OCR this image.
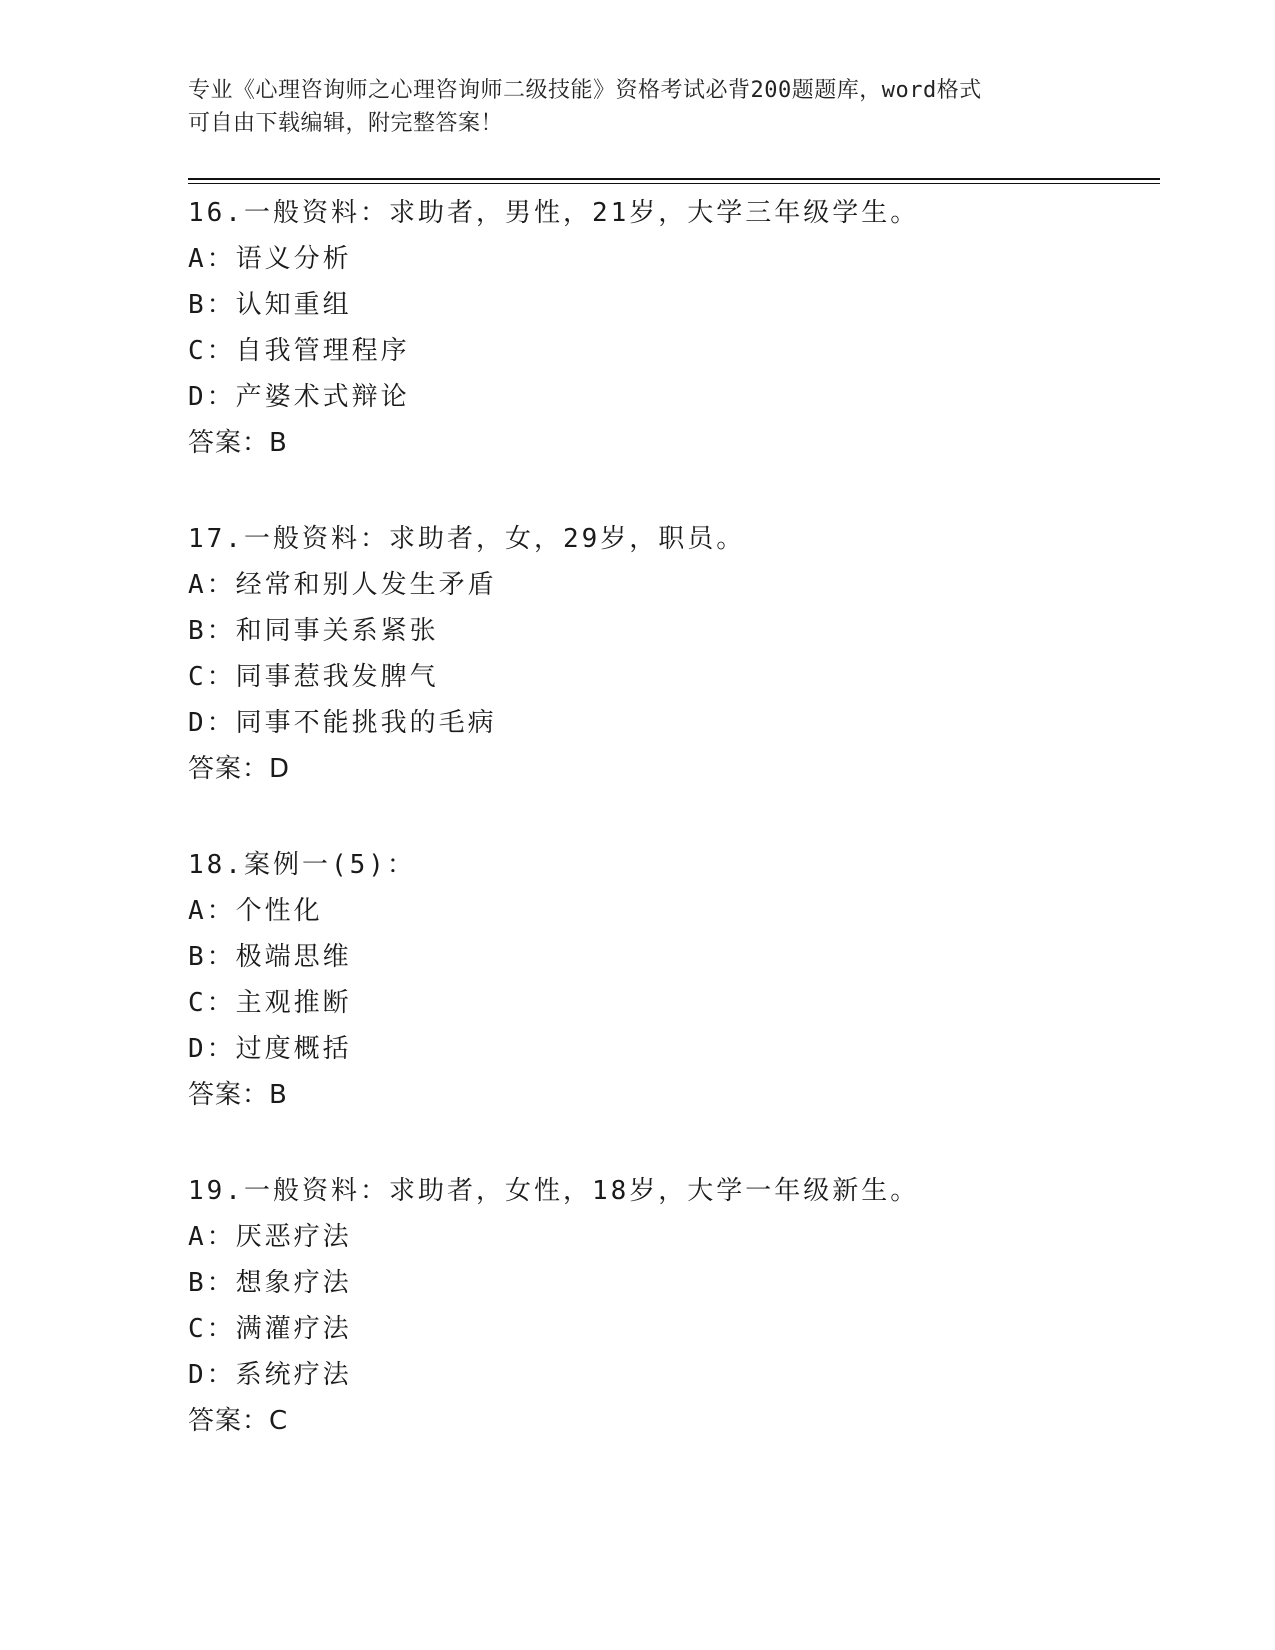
专业《心理咨询师之心理咨询师二级技能》资格考试必背200题题库，word格式
可自由下载编辑，附完整答案！
16.一般资料：求助者，男性，21岁，大学三年级学生。
A：语义分析
B：认知重组
C：自我管理程序
D：产婆术式辩论
答案：B
17.一般资料：求助者，女，29岁，职员。
A：经常和别人发生矛盾
B：和同事关系紧张
C：同事惹我发脾气
D：同事不能挑我的毛病
答案：D
18.案例一(5)：
A：个性化
B：极端思维
C：主观推断
D：过度概括
答案：B
19.一般资料：求助者，女性，18岁，大学一年级新生。
A：厌恶疗法
B：想象疗法
C：满灌疗法
D：系统疗法
答案：C
